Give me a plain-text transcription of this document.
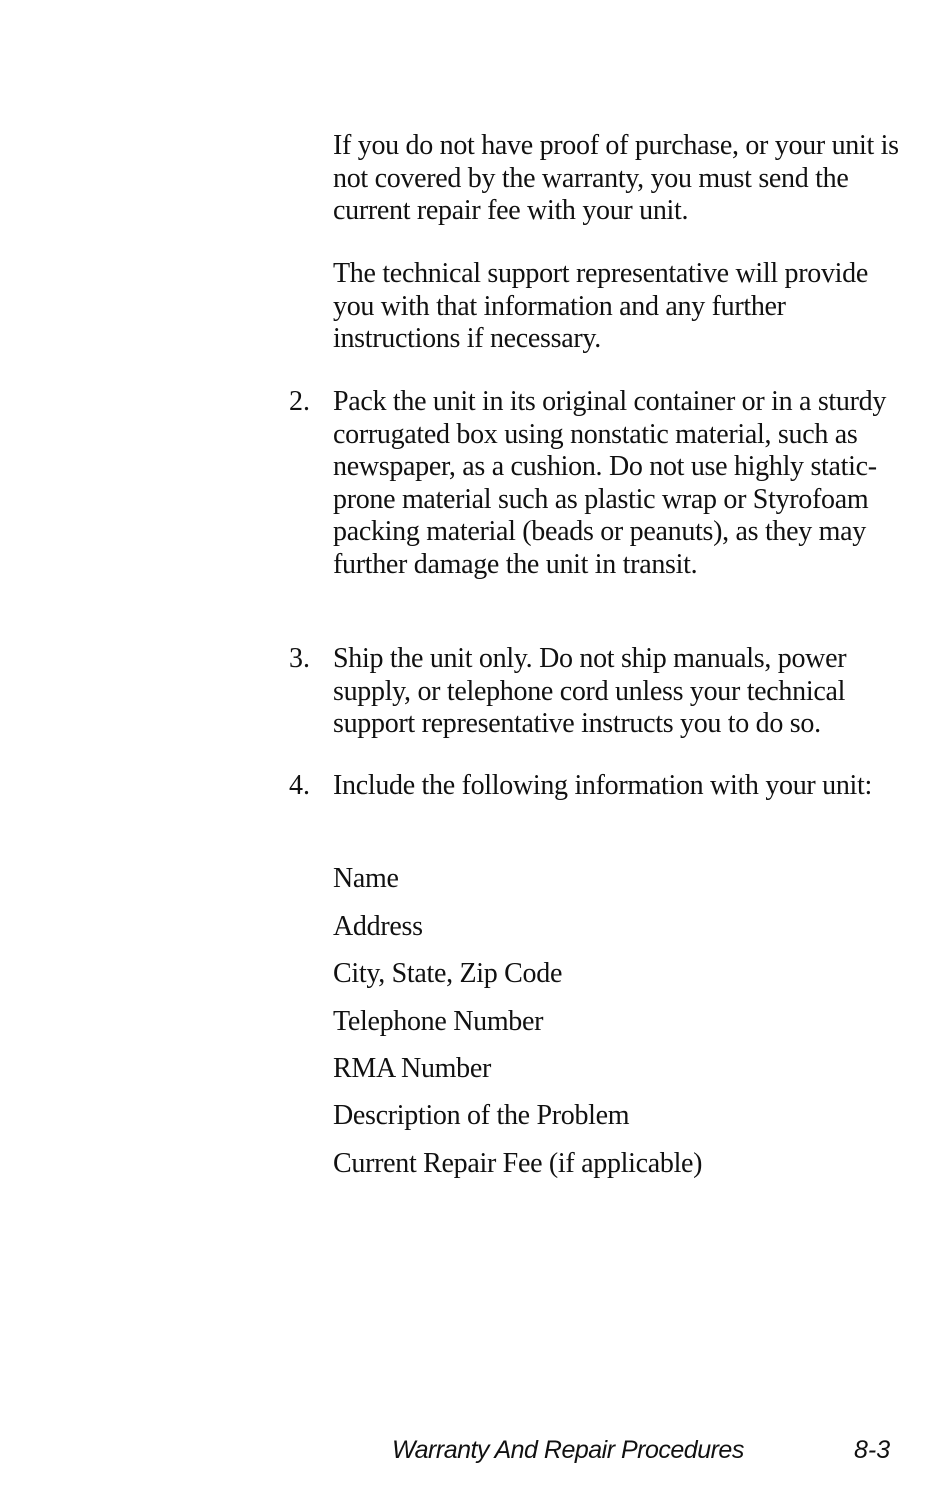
If you do not have proof of purchase, or your unit is not covered by the warranty, you must send the current repair fee with your unit.

The technical support representative will provide you with that information and any further instructions if necessary.

2. Pack the unit in its original container or in a sturdy corrugated box using nonstatic material, such as newspaper, as a cushion. Do not use highly static-prone material such as plastic wrap or Styrofoam packing material (beads or peanuts), as they may further damage the unit in transit.

3. Ship the unit only. Do not ship manuals, power supply, or telephone cord unless your technical support representative instructs you to do so.

4. Include the following information with your unit:

Name

Address

City, State, Zip Code

Telephone Number

RMA Number

Description of the Problem

Current Repair Fee (if applicable)

Warranty And Repair Procedures	8-3
